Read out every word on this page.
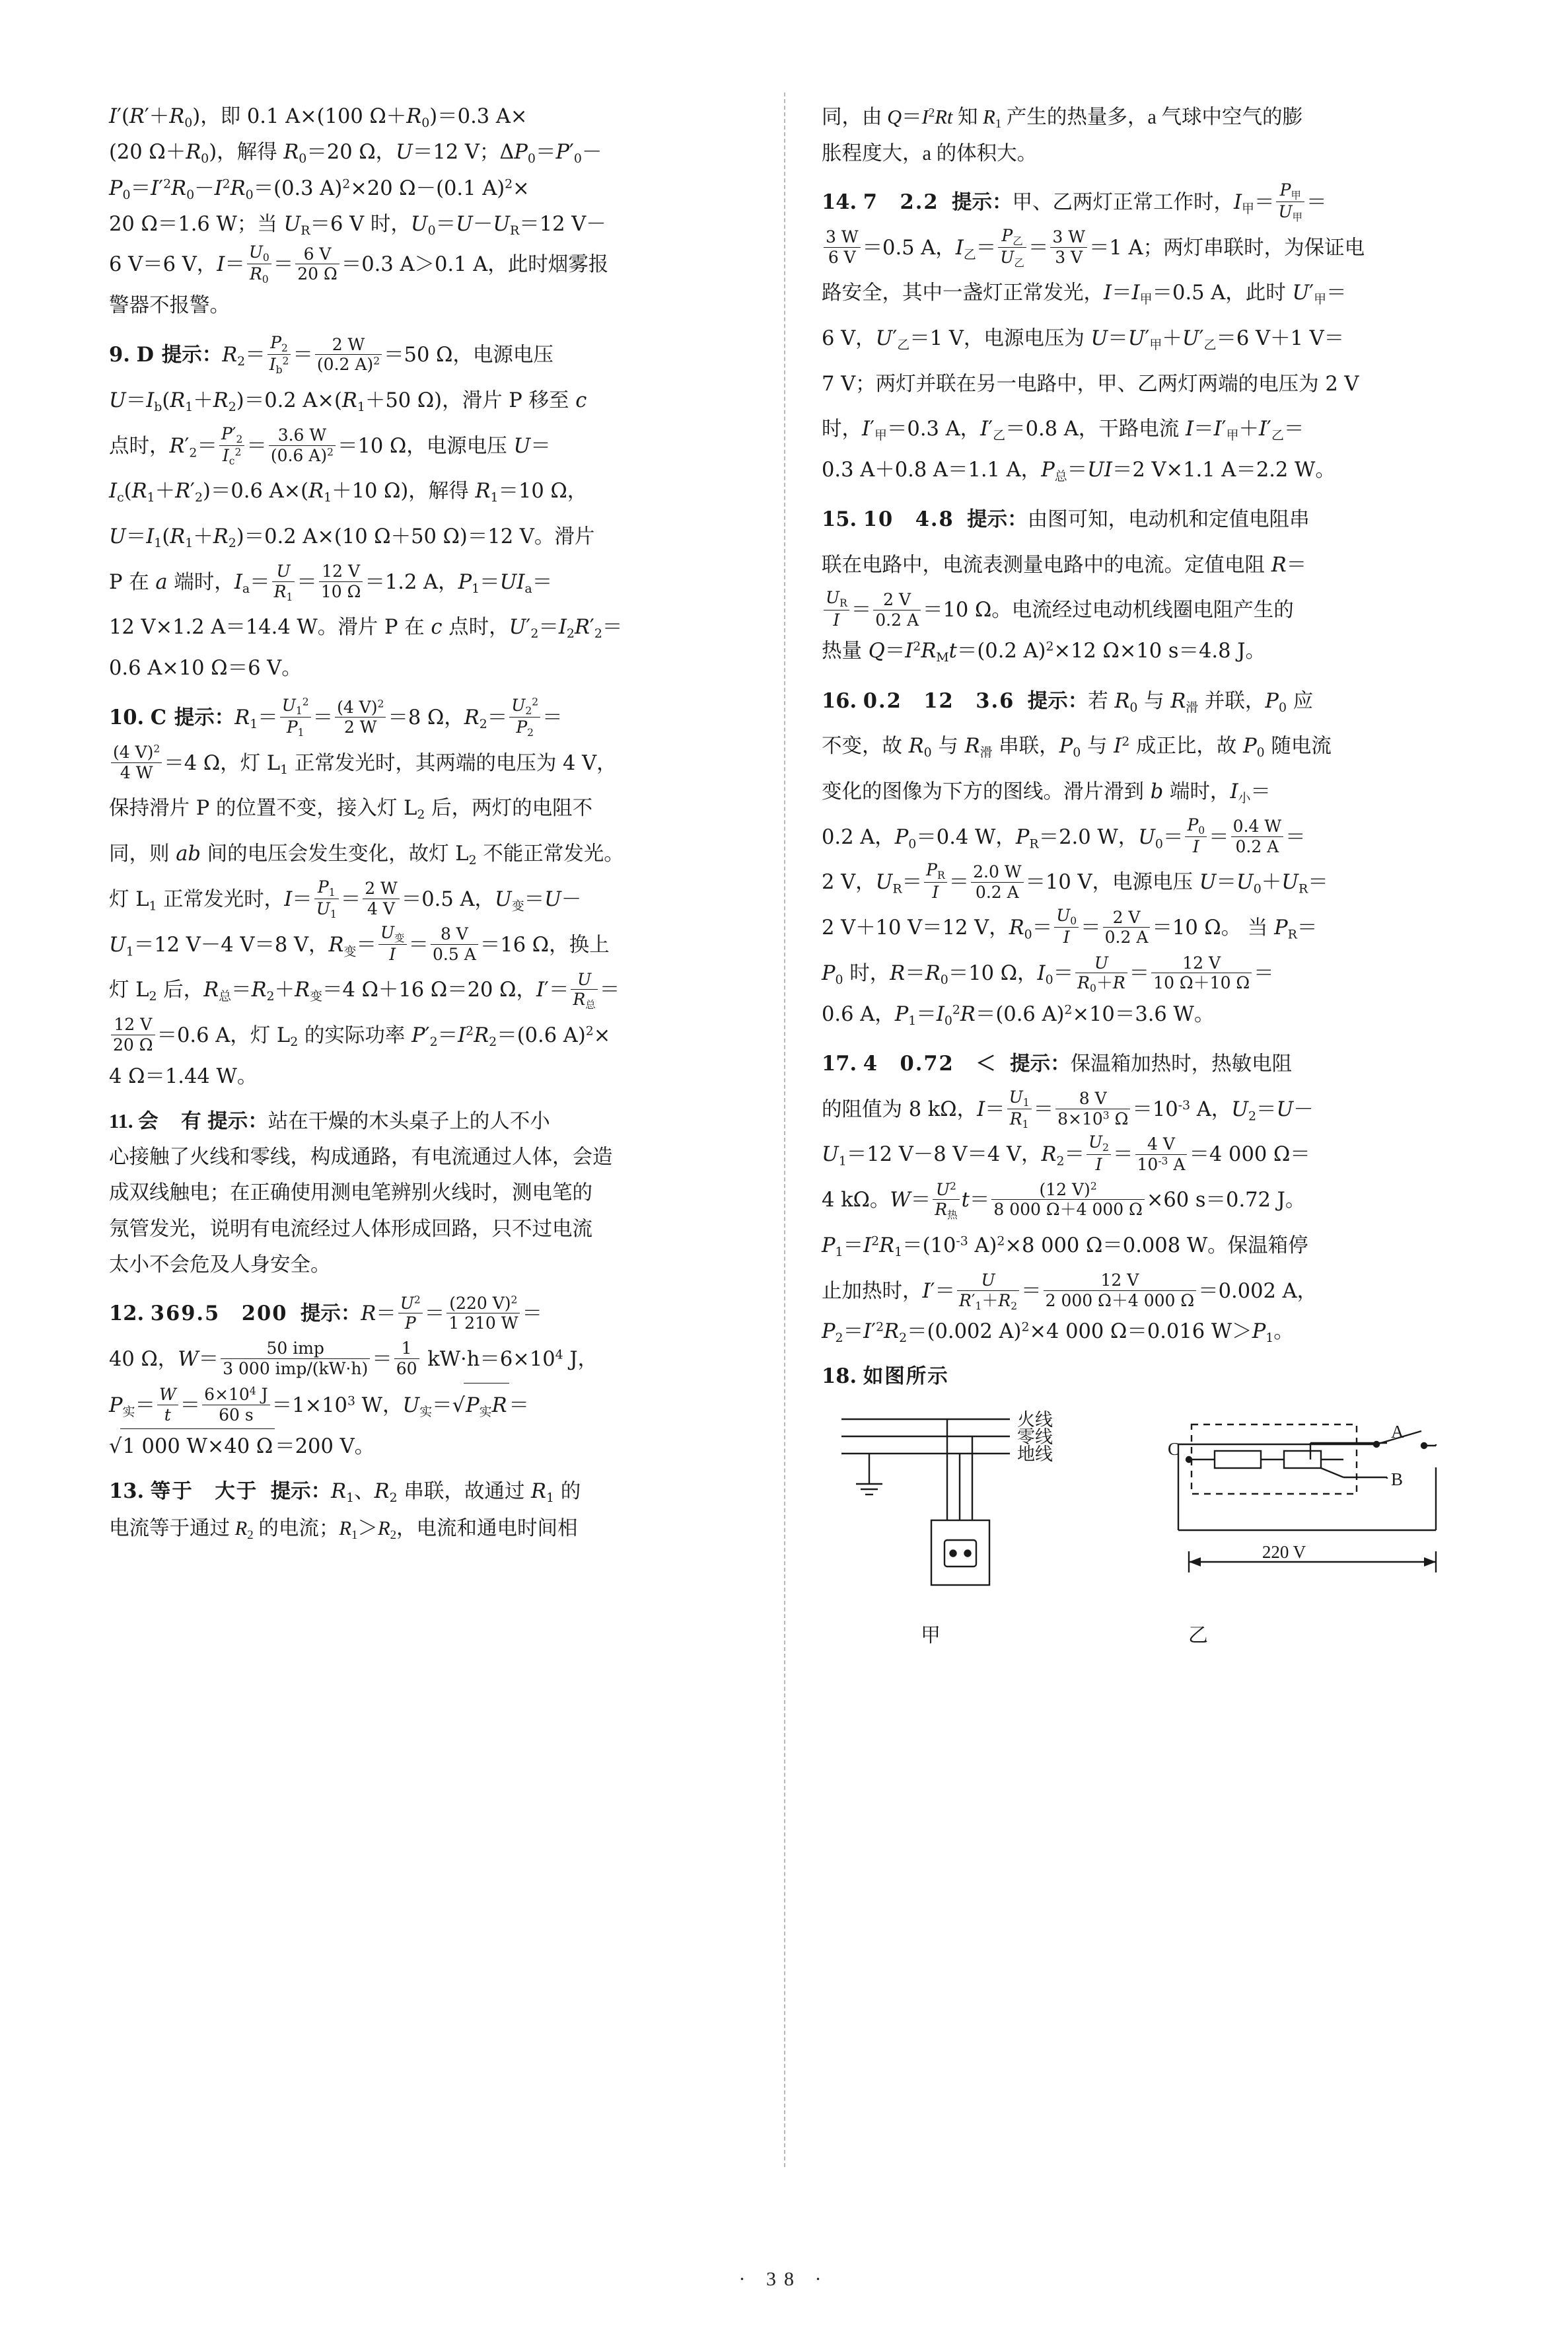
$I'(R'+R_0)$，即 0.1 A×(100 $\Omega+R_0)=0.3$ A×

(20 $\Omega+R_0$)，解得 $R_0=20$ Ω，U＝12 V；$\Delta P_0=P'_0-$

$P_0=I'^2R_0-I^2R_0=(0.3$ A)$^2$×20 Ω－(0.1 A)$^2$×

20 Ω＝1.6 W；当 $U_R=6$ V 时，$U_0=U-U_R=12$ V－

6 V＝6 V，$I= \frac{U_0}{R_0} = \frac{6 V}{20 \Omega} =0.3$ A＞0.1 A，此时烟雾报

警器不报警。

9. D 提示：$R_2= \frac{P_2}{I_b^2} = \frac{2 W}{(0.2 A)^2} =50$ Ω，电源电压

$U=I_b(R_1+R_2)=0.2$ $A\times(R_1+50$ Ω)，滑片 P 移至 c

点时，$R'_2= \frac{P'_2}{I_c^2} = \frac{3.6 W}{(0.6 A)^2} =10$ Ω，电源电压 U＝

$I_c(R_1+R'_2)=0.6$ $A\times(R_1+10$ Ω)，解得 $R_1=10$ Ω，

$U=I_1(R_1+R_2)=0.2$ A×(10 Ω＋50 Ω)＝12 V。滑片

P 在 a 端时，$I_a= \frac{U}{R_1} = \frac{12 V}{10 \Omega} =1.2$ A，$P_1=UI_a=$

12 V×1.2 A＝14.4 W。滑片 P 在 c 点时，$U'_2=I_2R'_2=$

0.6 A×10 Ω＝6 V。

10. C 提示：$R_1= \frac{U_1^2}{P_1} = \frac{(4 V)^2}{2 W} =8$ Ω，$R_2= \frac{U_2^2}{P_2}$ ＝

$\frac{(4 V)^2}{4 W} =4$ Ω，灯 $L_1$ 正常发光时，其两端的电压为 4 V，

保持滑片 P 的位置不变，接入灯 $L_2$ 后，两灯的电阻不

同，则 ab 间的电压会发生变化，故灯 $L_2$ 不能正常发光。

灯 $L_1$ 正常发光时，$I= \frac{P_1}{U_1} = \frac{2 W}{4 V} =0.5$ A，$U_变=U-$

$U_1=12$ V－4 V＝8 V，$R_变= \frac{U_变}{I} = \frac{8 V}{0.5 A} =16$ Ω，换上

灯 $L_2$ 后，$R_总=R_2+R_变=4$ Ω＋16 Ω＝20 Ω，$I'= \frac{U}{R_总}$ ＝

$\frac{12 V}{20 \Omega} =0.6$ A，灯 $L_2$ 的实际功率 $P'_2=I^2R_2=(0.6$ A)$^2$×

4 Ω＝1.44 W。

11. 会　有 提示：站在干燥的木头桌子上的人不小

心接触了火线和零线，构成通路，有电流通过人体，会造

成双线触电；在正确使用测电笔辨别火线时，测电笔的

氖管发光，说明有电流经过人体形成回路，只不过电流

太小不会危及人身安全。

12. 369.5　200 提示：$R= \frac{U^2}{P} = \frac{(220 V)^2}{1 210 W}$ ＝

40 Ω，$W= \frac{\text{50 imp}}{\text{3 000 imp/(kW·h)}} = \frac{1}{60} kW\cdot h=6\times 10^4$ J，

$P_实= \frac{W}{t} = \frac{6\times 10^4 J}{60 s} =1\times 10^3$ W，$U_实=√P_实R=$

√1 000 W×40 Ω＝200 V。

13. 等于　大于 提示：$R_1$、$R_2$ 串联，故通过 $R_1$ 的

电流等于通过 $R_2$ 的电流；$R_1>R_2$，电流和通电时间相

同，由 $Q=I^2Rt$ 知 $R_1$ 产生的热量多，a 气球中空气的膨

胀程度大，a 的体积大。

14. 7　2.2 提示：甲、乙两灯正常工作时，$I_甲= \frac{P_甲}{U_甲}$ ＝

$\frac{3 W}{6 V} =0.5$ A，$I_乙= \frac{P_乙}{U_乙} = \frac{3 W}{3 V} =1$ A；两灯串联时，为保证电

路安全，其中一盏灯正常发光，$I=I_甲=0.5$ A，此时 $U'_甲=$

6 V，$U'_乙=1$ V，电源电压为 $U=U'_甲+U'_乙=6$ V＋1 V＝

7 V；两灯并联在另一电路中，甲、乙两灯两端的电压为 2 V

时，$I'_甲=0.3$ A，$I'_乙=0.8$ A，干路电流 $I=I'_甲+I'_乙=$

0.3 A＋0.8 A＝1.1 A，$P_总=UI=2$ V×1.1 A＝2.2 W。

15. 10　4.8 提示：由图可知，电动机和定值电阻串

联在电路中，电流表测量电路中的电流。定值电阻 R＝

$\frac{U_R}{I} = \frac{2 V}{0.2 A} =10$ Ω。电流经过电动机线圈电阻产生的

热量 $Q=I^2R_Mt=(0.2$ A)$^2$×12 Ω×10 s＝4.8 J。

16. 0.2　12　3.6 提示：若 $R_0$ 与 $R_滑$ 并联，$P_0$ 应

不变，故 $R_0$ 与 $R_滑$ 串联，$P_0$ 与 $I^2$ 成正比，故 $P_0$ 随电流

变化的图像为下方的图线。滑片滑到 b 端时，$I_小=$

0.2 A，$P_0=0.4$ W，$P_R=2.0$ W，$U_0= \frac{P_0}{I} = \frac{0.4 W}{0.2 A}$ ＝

2 V，$U_R= \frac{P_R}{I} = \frac{2.0 W}{0.2 A} =10$ V，电源电压 $U=U_0+U_R=$

2 V＋10 V＝12 V，$R_0= \frac{U_0}{I} = \frac{2 V}{0.2 A} =10$ Ω。 当 $P_R=$

$P_0$ 时，$R=R_0=10$ Ω，$I_0= \frac{U}{R_0+R} = \frac{12 V}{10 \Omega+10 \Omega}$ ＝

0.6 A，$P_1=I_0^2R=(0.6$ A)$^2$×10＝3.6 W。

17. 4　0.72　＜ 提示：保温箱加热时，热敏电阻

的阻值为 8 kΩ，$I= \frac{U_1}{R_1} = \frac{8 V}{8\times 10^3 \Omega} =10^{-3}$ A，$U_2=U-$

$U_1=12$ V－8 V＝4 V，$R_2= \frac{U_2}{I} = \frac{4 V}{10^{-3} A} =4$ 000 Ω＝

4 kΩ。$W= \frac{U^2}{R_热} t= \frac{(12 V)^2}{8 000 \Omega+4 000 \Omega} \times 60$ s＝0.72 J。

$P_1=I^2R_1=(10^{-3}$ A)$^2$×8 000 Ω＝0.008 W。保温箱停

止加热时，$I'= \frac{U}{R'_1+R_2} = \frac{12 V}{2 000 \Omega+4 000 \Omega} =0.002$ A，

$P_2=I'^2R_2=(0.002$ A)$^2$×4 000 Ω＝0.016 $W>P_1$。

18. 如图所示

火线
零线
地线	C
A
B
220 V
甲	乙
· 38 ·
